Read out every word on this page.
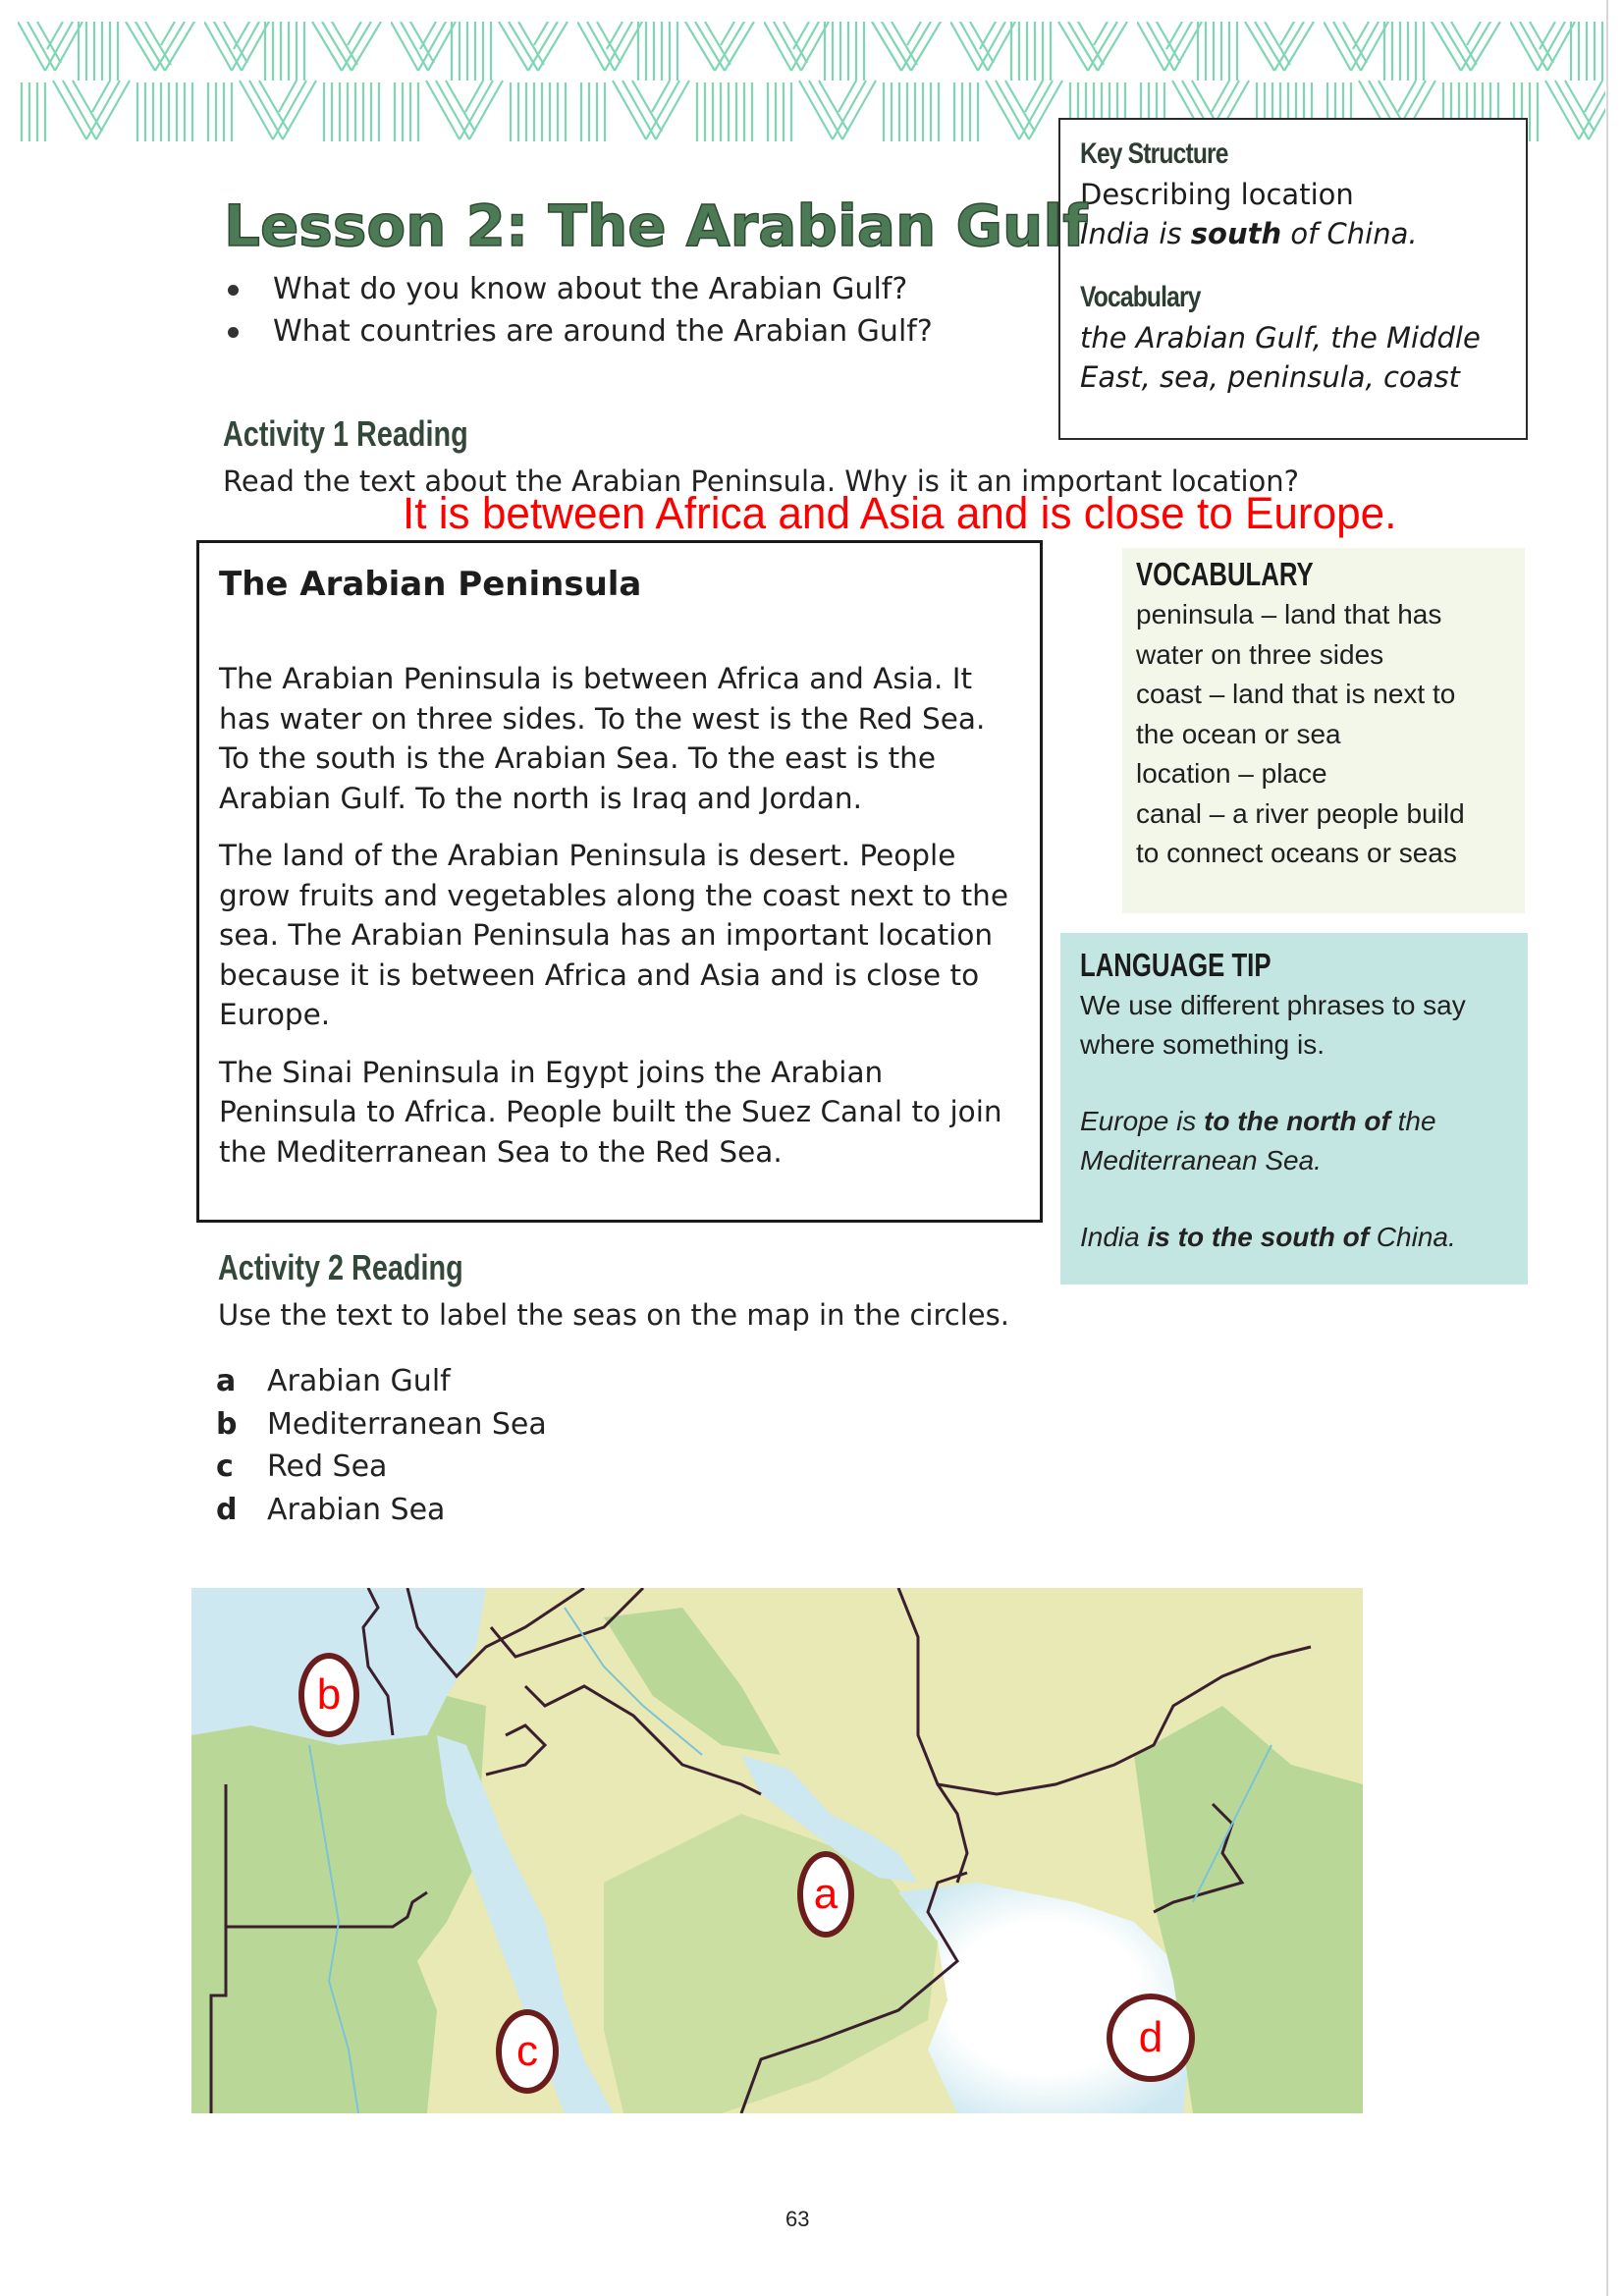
Key Structure
Describing location
India is south of China.
Vocabulary
the Arabian Gulf, the Middle
East, sea, peninsula, coast
Lesson 2: The Arabian Gulf
What do you know about the Arabian Gulf?
What countries are around the Arabian Gulf?
Activity 1 Reading
Read the text about the Arabian Peninsula. Why is it an important location?
It is between Africa and Asia and is close to Europe.
The Arabian Peninsula

The Arabian Peninsula is between Africa and Asia. It has water on three sides. To the west is the Red Sea. To the south is the Arabian Sea. To the east is the Arabian Gulf. To the north is Iraq and Jordan.

The land of the Arabian Peninsula is desert. People grow fruits and vegetables along the coast next to the sea. The Arabian Peninsula has an important location because it is between Africa and Asia and is close to Europe.

The Sinai Peninsula in Egypt joins the Arabian Peninsula to Africa. People built the Suez Canal to join the Mediterranean Sea to the Red Sea.

VOCABULARY
peninsula – land that has
water on three sides
coast – land that is next to
the ocean or sea
location – place
canal – a river people build
to connect oceans or seas
LANGUAGE TIP
We use different phrases to say
where something is.
Europe is to the north of the
Mediterranean Sea.
India is to the south of China.
Activity 2 Reading
Use the text to label the seas on the map in the circles.
a	Arabian Gulf
b	Mediterranean Sea
c	Red Sea
d	Arabian Sea
b
a
c	d
63
